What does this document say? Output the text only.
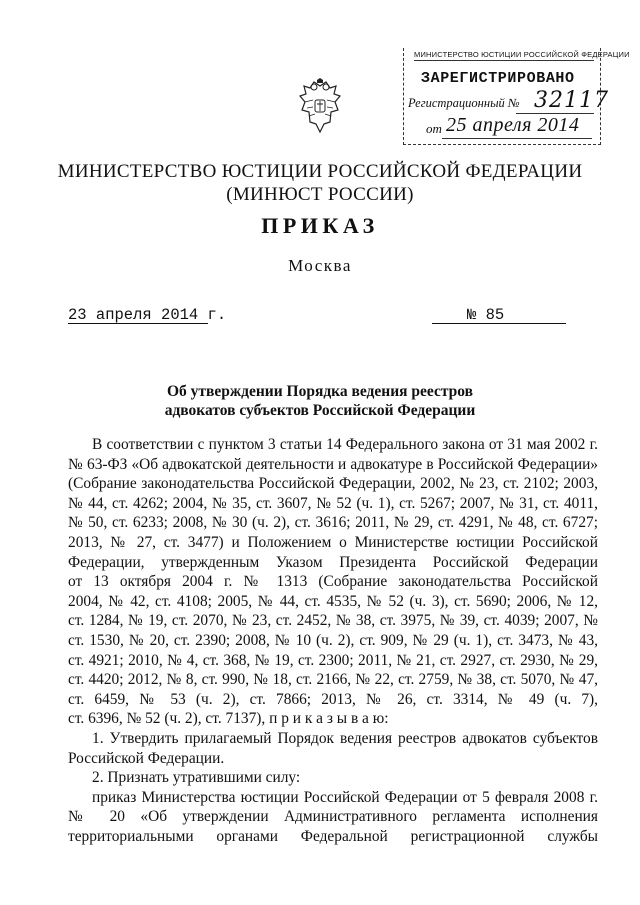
МИНИСТЕРСТВО ЮСТИЦИИ РОССИЙСКОЙ ФЕДЕРАЦИИ
ЗАРЕГИСТРИРОВАНО
Регистрационный № 32117
от 25 апреля 2014
МИНИСТЕРСТВО ЮСТИЦИИ РОССИЙСКОЙ ФЕДЕРАЦИИ
(МИНЮСТ РОССИИ)
ПРИКАЗ
Москва
23 апреля 2014 г.	№ 85
Об утверждении Порядка ведения реестров
адвокатов субъектов Российской Федерации
В соответствии с пунктом 3 статьи 14 Федерального закона от 31 мая 2002 г.
№ 63-ФЗ «Об адвокатской деятельности и адвокатуре в Российской Федерации»
(Собрание законодательства Российской Федерации, 2002, № 23, ст. 2102; 2003,
№ 44, ст. 4262; 2004, № 35, ст. 3607, № 52 (ч. 1), ст. 5267; 2007, № 31, ст. 4011,
№ 50, ст. 6233; 2008, № 30 (ч. 2), ст. 3616; 2011, № 29, ст. 4291, № 48, ст. 6727;
2013, № 27, ст. 3477) и Положением о Министерстве юстиции Российской
Федерации, утвержденным Указом Президента Российской Федерации
от 13 октября 2004 г. № 1313 (Собрание законодательства Российской
2004, № 42, ст. 4108; 2005, № 44, ст. 4535, № 52 (ч. 3), ст. 5690; 2006, № 12,
ст. 1284, № 19, ст. 2070, № 23, ст. 2452, № 38, ст. 3975, № 39, ст. 4039; 2007, №
ст. 1530, № 20, ст. 2390; 2008, № 10 (ч. 2), ст. 909, № 29 (ч. 1), ст. 3473, № 43,
ст. 4921; 2010, № 4, ст. 368, № 19, ст. 2300; 2011, № 21, ст. 2927, ст. 2930, № 29,
ст. 4420; 2012, № 8, ст. 990, № 18, ст. 2166, № 22, ст. 2759, № 38, ст. 5070, № 47,
ст. 6459, № 53 (ч. 2), ст. 7866; 2013, № 26, ст. 3314, № 49 (ч. 7),
ст. 6396, № 52 (ч. 2), ст. 7137), п р и к а з ы в а ю:
1. Утвердить прилагаемый Порядок ведения реестров адвокатов субъектов
Российской Федерации.
2. Признать утратившими силу:
приказ Министерства юстиции Российской Федерации от 5 февраля 2008 г.
№ 20 «Об утверждении Административного регламента исполнения
территориальными органами Федеральной регистрационной службы
